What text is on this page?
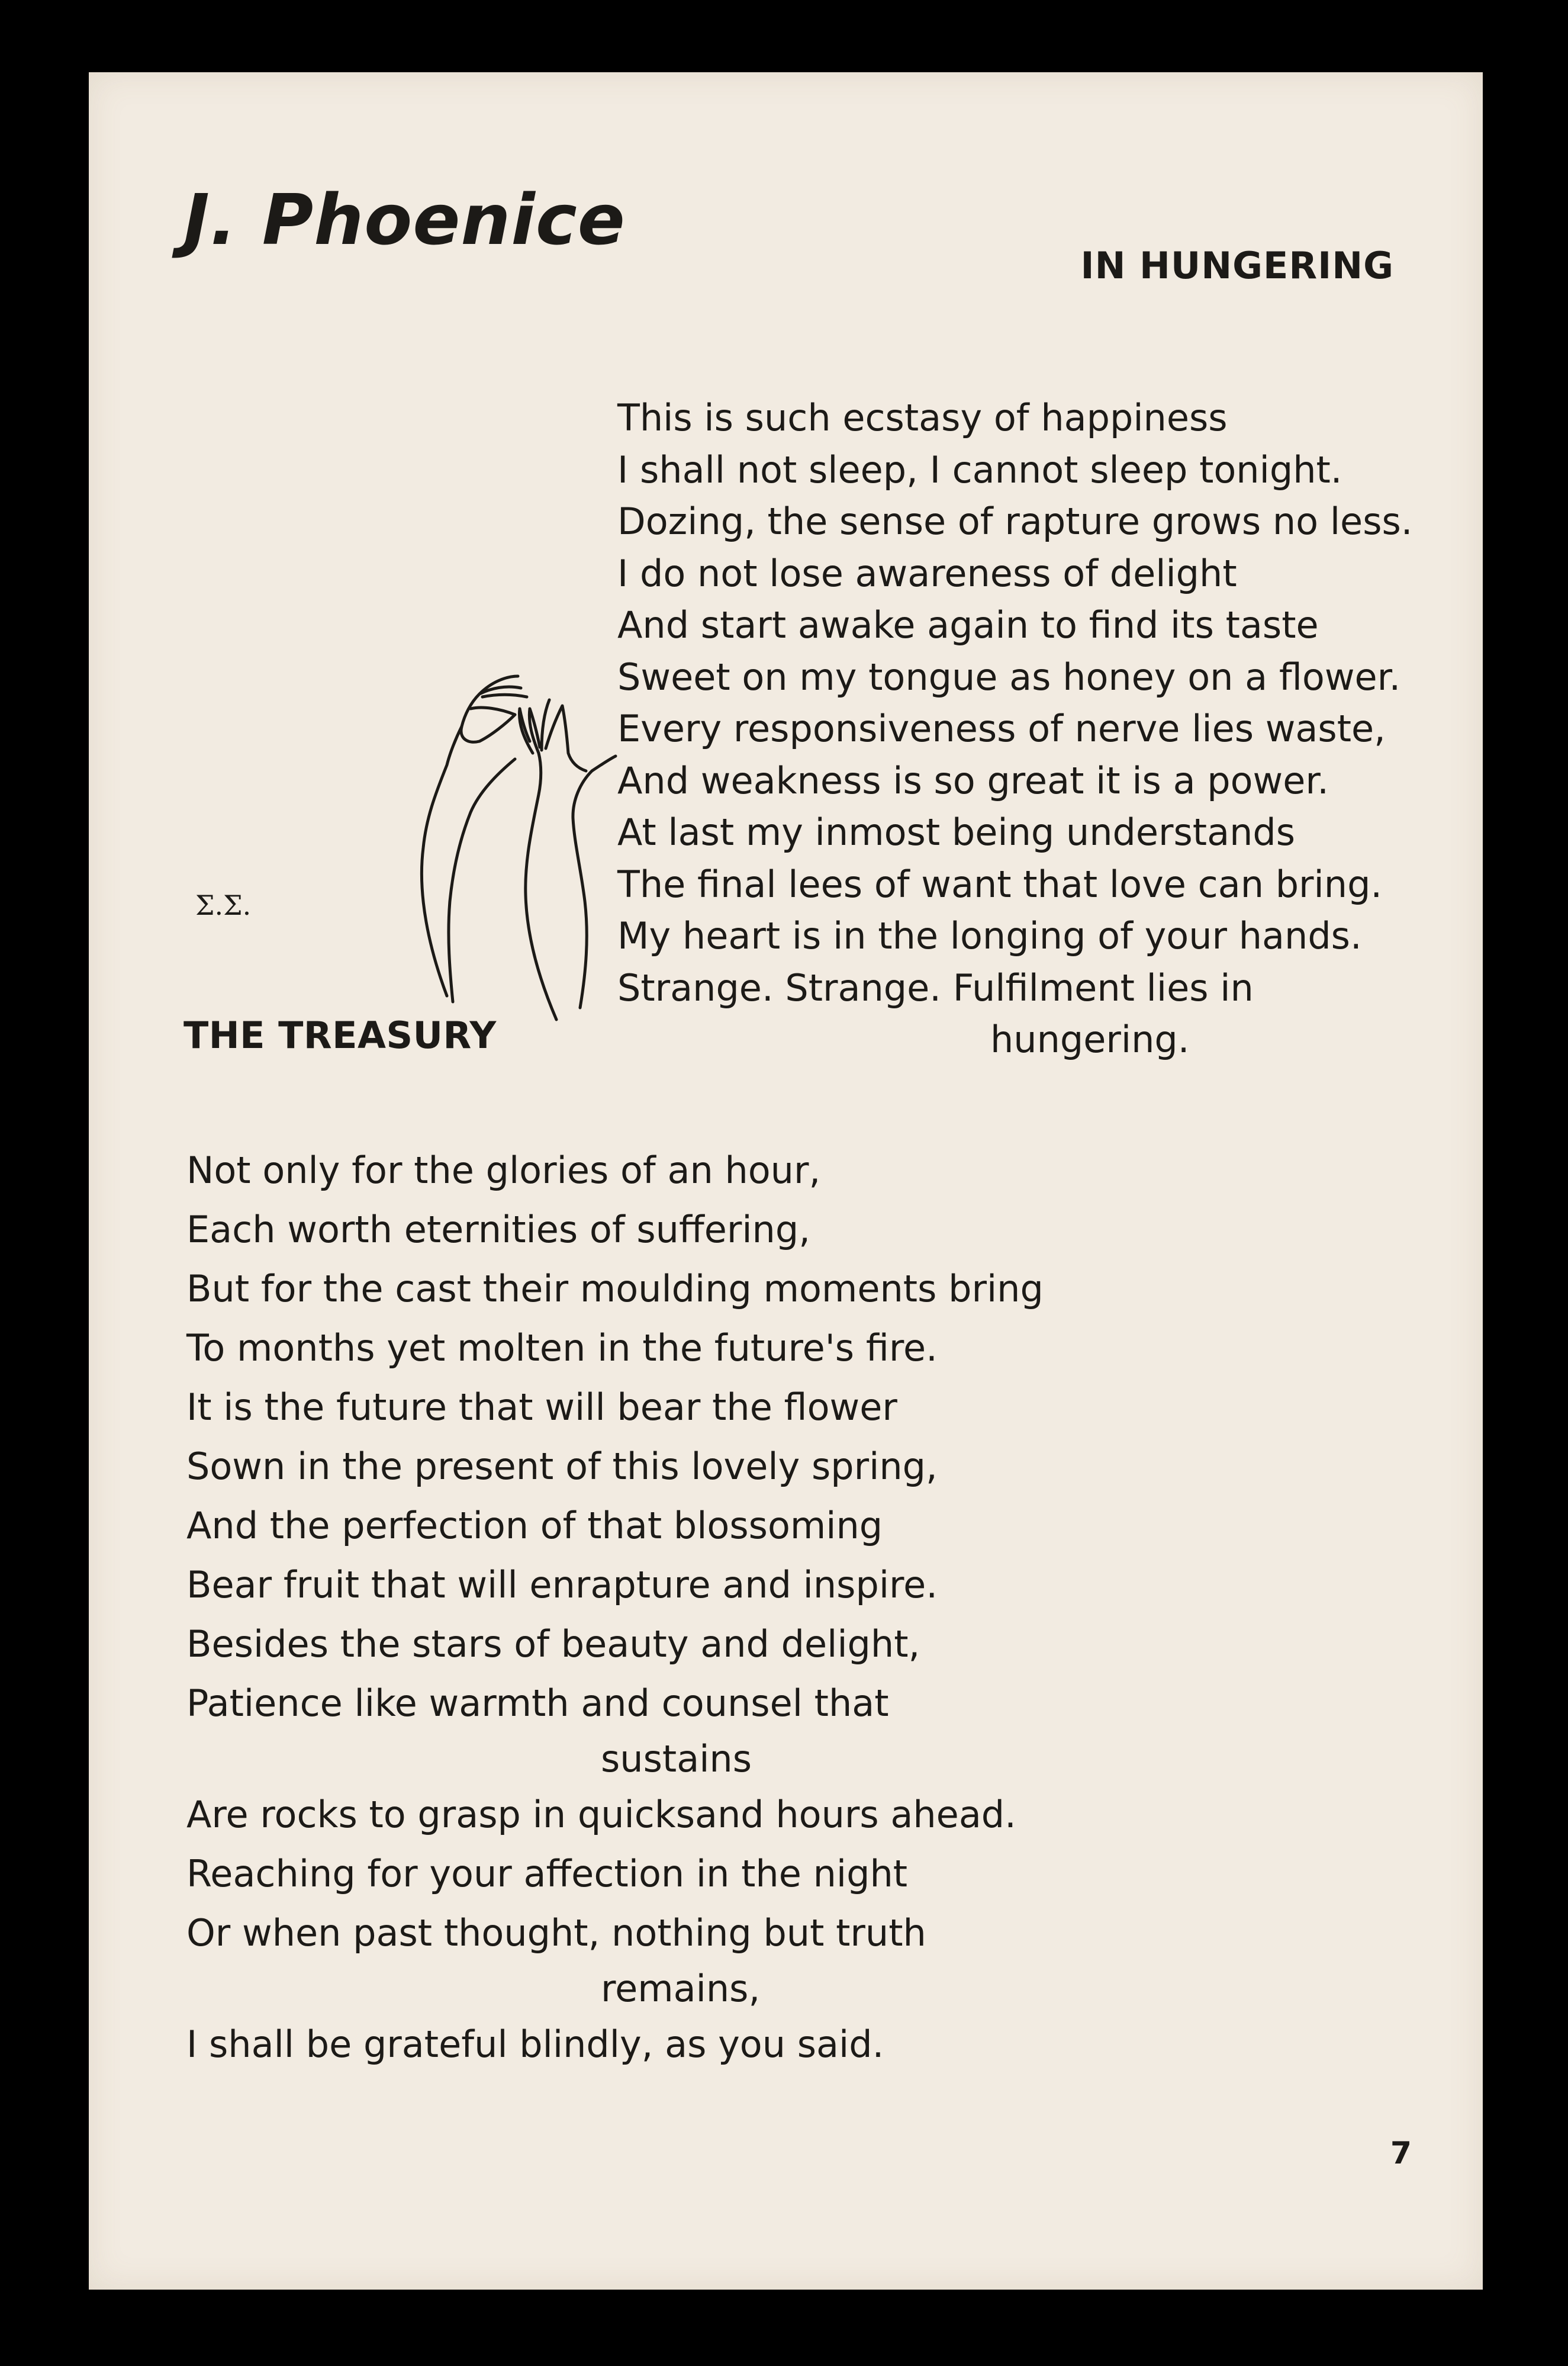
J. Phoenice
IN HUNGERING
This is such ecstasy of happiness
I shall not sleep, I cannot sleep tonight.
Dozing, the sense of rapture grows no less.
I do not lose awareness of delight
And start awake again to find its taste
Sweet on my tongue as honey on a flower.
Every responsiveness of nerve lies waste,
And weakness is so great it is a power.
At last my inmost being understands
The final lees of want that love can bring.
My heart is in the longing of your hands.
Strange. Strange. Fulfilment lies in
hungering.

Σ.Σ.

THE TREASURY
Not only for the glories of an hour,
Each worth eternities of suffering,
But for the cast their moulding moments bring
To months yet molten in the future's fire.
It is the future that will bear the flower
Sown in the present of this lovely spring,
And the perfection of that blossoming
Bear fruit that will enrapture and inspire.
Besides the stars of beauty and delight,
Patience like warmth and counsel that
sustains
Are rocks to grasp in quicksand hours ahead.
Reaching for your affection in the night
Or when past thought, nothing but truth
remains,
I shall be grateful blindly, as you said.

7
